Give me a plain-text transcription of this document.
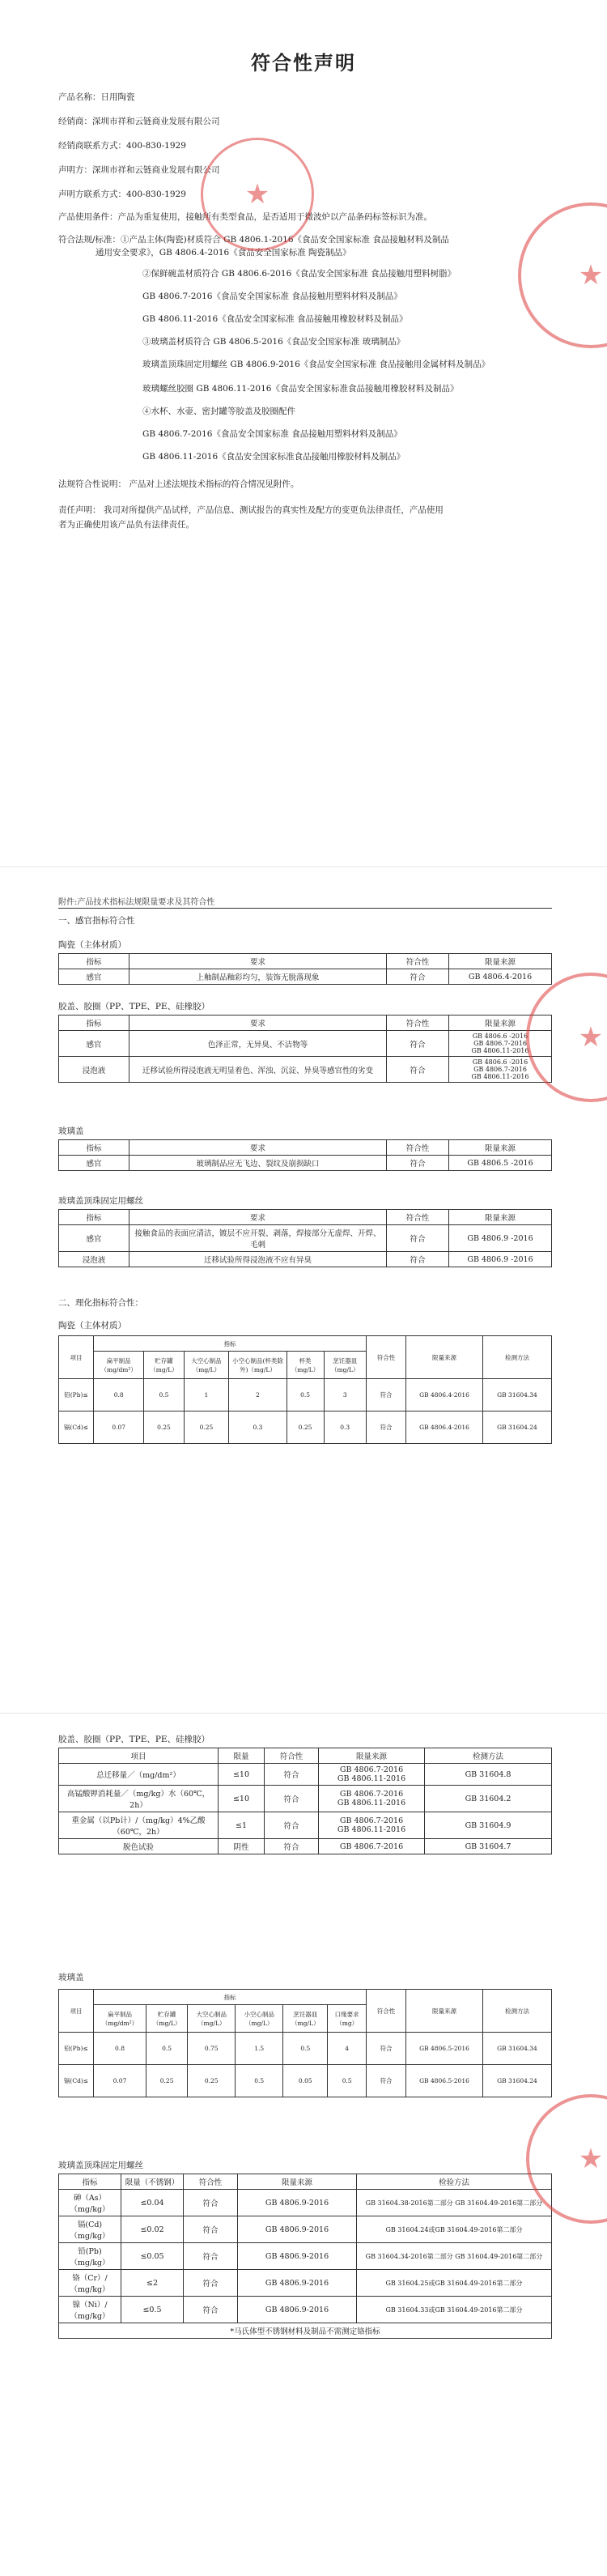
符合性声明
产品名称：日用陶瓷
经销商：深圳市祥和云链商业发展有限公司
经销商联系方式：400-830-1929
声明方：深圳市祥和云链商业发展有限公司
声明方联系方式：400-830-1929
产品使用条件：产品为重复使用，接触所有类型食品，是否适用于微波炉以产品条码标签标识为准。
符合法规/标准：①产品主体(陶瓷)材质符合 GB 4806.1-2016《食品安全国家标准 食品接触材料及制品
通用安全要求》，GB 4806.4-2016《食品安全国家标准 陶瓷制品》
②保鲜碗盖材质符合 GB 4806.6-2016《食品安全国家标准 食品接触用塑料树脂》
GB 4806.7-2016《食品安全国家标准 食品接触用塑料材料及制品》
GB 4806.11-2016《食品安全国家标准 食品接触用橡胶材料及制品》
③玻璃盖材质符合 GB 4806.5-2016《食品安全国家标准 玻璃制品》
玻璃盖顶珠固定用螺丝 GB 4806.9-2016《食品安全国家标准 食品接触用金属材料及制品》
玻璃螺丝胶圈 GB 4806.11-2016《食品安全国家标准食品接触用橡胶材料及制品》
④水杯、水壶、密封罐等胶盖及胶圈配件
GB 4806.7-2016《食品安全国家标准 食品接触用塑料材料及制品》
GB 4806.11-2016《食品安全国家标准食品接触用橡胶材料及制品》
法规符合性说明： 产品对上述法规技术指标的符合情况见附件。
责任声明： 我司对所提供产品试样，产品信息、测试报告的真实性及配方的变更负法律责任，产品使用
者为正确使用该产品负有法律责任。
★
★
附件:产品技术指标法规限量要求及其符合性
一、感官指标符合性
陶瓷（主体材质）
指标	要求	符合性	限量来源
感官	上釉制品釉彩均匀，装饰无脱落现象	符合	GB 4806.4-2016
胶盖、胶圈（PP、TPE、PE、硅橡胶）
指标	要求	符合性	限量来源
感官	色泽正常，无异臭、不洁物等	符合	GB 4806.6 -2016
GB 4806.7-2016
GB 4806.11-2016
浸泡液	迁移试验所得浸泡液无明显着色、浑浊、沉淀、异臭等感官性的劣变	符合	GB 4806.6 -2016
GB 4806.7-2016
GB 4806.11-2016
玻璃盖
指标	要求	符合性	限量来源
感官	玻璃制品应无飞边、裂纹及崩损缺口	符合	GB 4806.5 -2016
玻璃盖顶珠固定用螺丝
指标	要求	符合性	限量来源
感官	接触食品的表面应清洁，镀层不应开裂、剥落，焊接部分无虚焊、开焊、毛刺	符合	GB 4806.9 -2016
浸泡液	迁移试验所得浸泡液不应有异臭	符合	GB 4806.9 -2016
二、理化指标符合性：
陶瓷（主体材质）
项目	指标						符合性	限量来源	检测方法
	扁平制品（mg/dm²）	贮存罐（mg/L）	大空心制品（mg/L）	小空心制品(杯类除外)（mg/L）	杯类（mg/L）	烹饪器皿（mg/L）			
铅(Pb)≤	0.8	0.5	1	2	0.5	3	符合	GB 4806.4-2016	GB 31604.34
镉(Cd)≤	0.07	0.25	0.25	0.3	0.25	0.3	符合	GB 4806.4-2016	GB 31604.24
★
胶盖、胶圈（PP、TPE、PE、硅橡胶）
项目	限量	符合性	限量来源	检测方法
总迁移量／（mg/dm²）	≤10	符合	GB 4806.7-2016
GB 4806.11-2016	GB 31604.8
高锰酸钾消耗量／（mg/kg）水（60℃，2h）	≤10	符合	GB 4806.7-2016
GB 4806.11-2016	GB 31604.2
重金属（以Pb计）/（mg/kg）4%乙酸（60℃，2h）	≤1	符合	GB 4806.7-2016
GB 4806.11-2016	GB 31604.9
脱色试验	阴性	符合	GB 4806.7-2016	GB 31604.7
玻璃盖
项目	指标						符合性	限量来源	检测方法
	扁平制品（mg/dm²）	贮存罐（mg/L）	大空心制品（mg/L）	小空心制品（mg/L）	烹饪器皿（mg/L）	口缘要求（mg）			
铅(Pb)≤	0.8	0.5	0.75	1.5	0.5	4	符合	GB 4806.5-2016	GB 31604.34
镉(Cd)≤	0.07	0.25	0.25	0.5	0.05	0.5	符合	GB 4806.5-2016	GB 31604.24
玻璃盖顶珠固定用螺丝
指标	限量（不锈钢）	符合性	限量来源	检验方法
砷（As）（mg/kg）	≤0.04	符合	GB 4806.9-2016	GB 31604.38-2016第二部分 GB 31604.49-2016第二部分
镉(Cd)（mg/kg）	≤0.02	符合	GB 4806.9-2016	GB 31604.24或GB 31604.49-2016第二部分
铅(Pb)（mg/kg）	≤0.05	符合	GB 4806.9-2016	GB 31604.34-2016第二部分 GB 31604.49-2016第二部分
铬（Cr）/（mg/kg）	≤2	符合	GB 4806.9-2016	GB 31604.25或GB 31604.49-2016第二部分
镍（Ni）/（mg/kg）	≤0.5	符合	GB 4806.9-2016	GB 31604.33或GB 31604.49-2016第二部分
*马氏体型不锈钢材料及制品不需测定铬指标				
★
